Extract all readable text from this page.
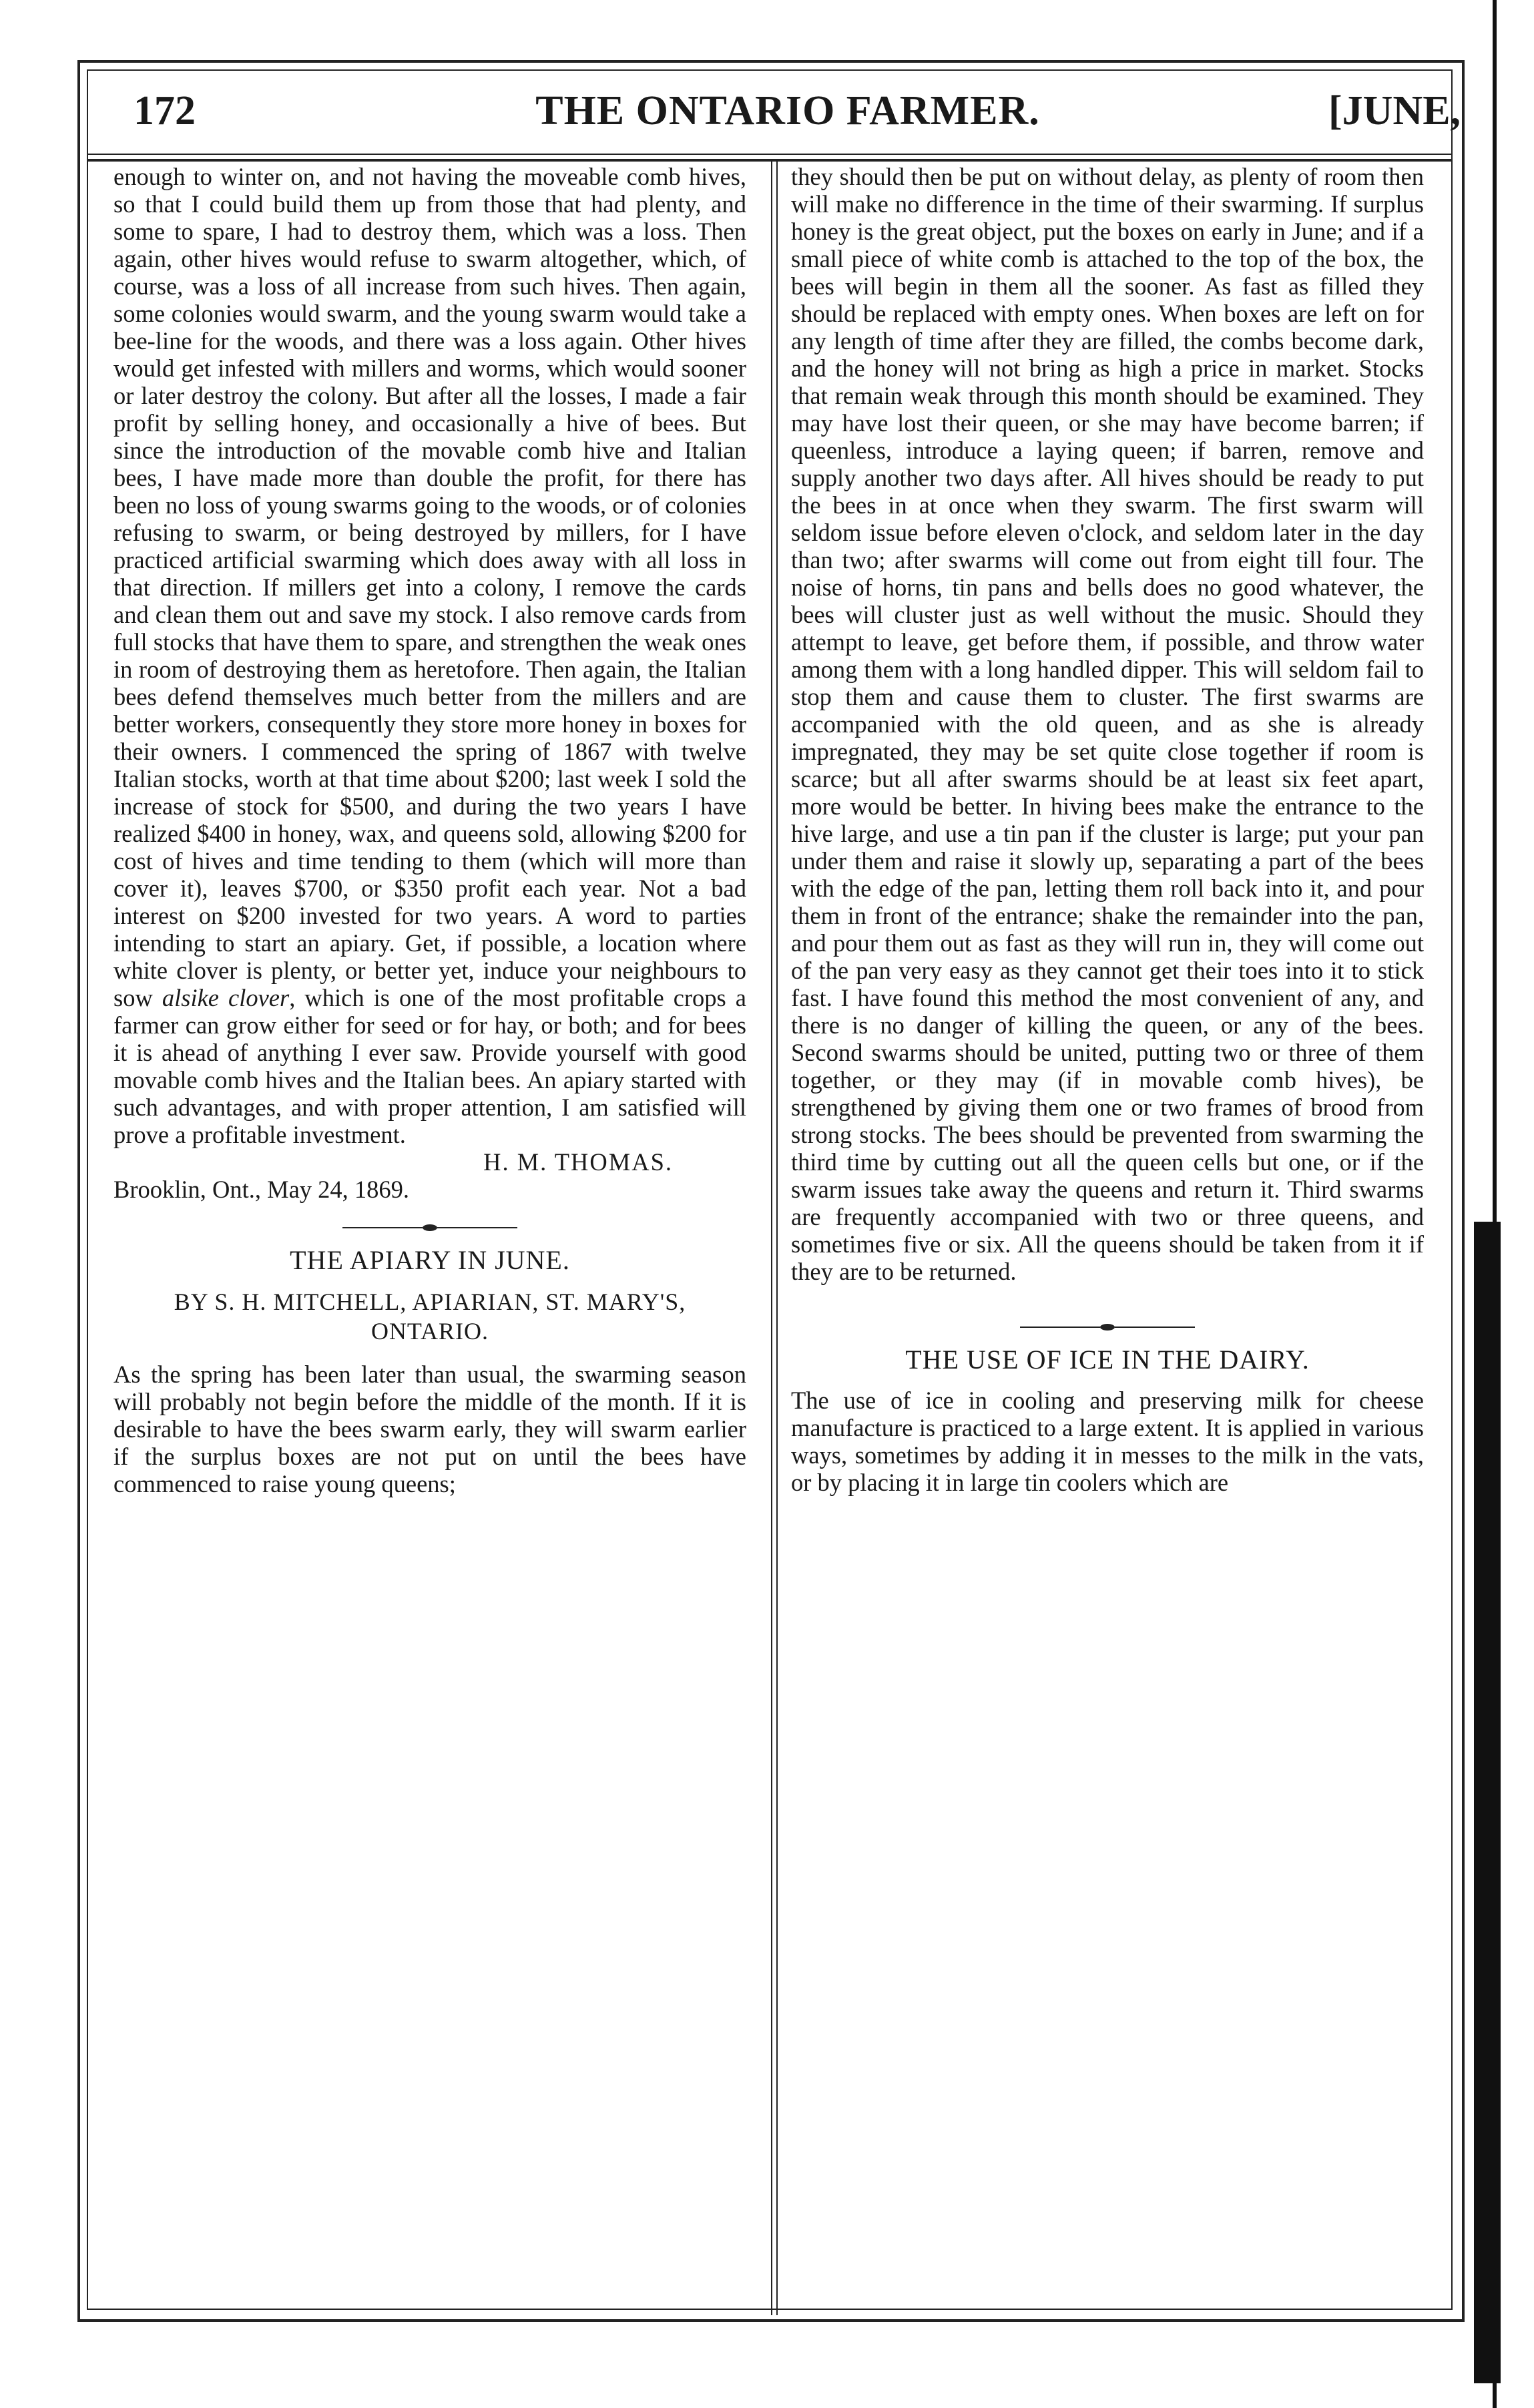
172	THE ONTARIO FARMER.	[JUNE,

enough to winter on, and not having the moveable comb hives, so that I could build them up from those that had plenty, and some to spare, I had to destroy them, which was a loss. Then again, other hives would refuse to swarm altogether, which, of course, was a loss of all increase from such hives. Then again, some colonies would swarm, and the young swarm would take a bee-line for the woods, and there was a loss again. Other hives would get infested with millers and worms, which would sooner or later destroy the colony. But after all the losses, I made a fair profit by selling honey, and occasionally a hive of bees. But since the introduction of the movable comb hive and Italian bees, I have made more than double the profit, for there has been no loss of young swarms going to the woods, or of colonies refusing to swarm, or being destroyed by millers, for I have practiced artificial swarming which does away with all loss in that direction. If millers get into a colony, I remove the cards and clean them out and save my stock. I also remove cards from full stocks that have them to spare, and strengthen the weak ones in room of destroying them as heretofore. Then again, the Italian bees defend themselves much better from the millers and are better workers, consequently they store more honey in boxes for their owners. I commenced the spring of 1867 with twelve Italian stocks, worth at that time about $200; last week I sold the increase of stock for $500, and during the two years I have realized $400 in honey, wax, and queens sold, allowing $200 for cost of hives and time tending to them (which will more than cover it), leaves $700, or $350 profit each year. Not a bad interest on $200 invested for two years. A word to parties intending to start an apiary. Get, if possible, a location where white clover is plenty, or better yet, induce your neighbours to sow alsike clover, which is one of the most profitable crops a farmer can grow either for seed or for hay, or both; and for bees it is ahead of anything I ever saw. Provide yourself with good movable comb hives and the Italian bees. An apiary started with such advantages, and with proper attention, I am satisfied will prove a profitable investment.

H. M. THOMAS.

Brooklin, Ont., May 24, 1869.

THE APIARY IN JUNE.
BY S. H. MITCHELL, APIARIAN, ST. MARY'S, ONTARIO.

As the spring has been later than usual, the swarming season will probably not begin before the middle of the month. If it is desirable to have the bees swarm early, they will swarm earlier if the surplus boxes are not put on until the bees have commenced to raise young queens;

they should then be put on without delay, as plenty of room then will make no difference in the time of their swarming. If surplus honey is the great object, put the boxes on early in June; and if a small piece of white comb is attached to the top of the box, the bees will begin in them all the sooner. As fast as filled they should be replaced with empty ones. When boxes are left on for any length of time after they are filled, the combs become dark, and the honey will not bring as high a price in market. Stocks that remain weak through this month should be examined. They may have lost their queen, or she may have become barren; if queenless, introduce a laying queen; if barren, remove and supply another two days after. All hives should be ready to put the bees in at once when they swarm. The first swarm will seldom issue before eleven o'clock, and seldom later in the day than two; after swarms will come out from eight till four. The noise of horns, tin pans and bells does no good whatever, the bees will cluster just as well without the music. Should they attempt to leave, get before them, if possible, and throw water among them with a long handled dipper. This will seldom fail to stop them and cause them to cluster. The first swarms are accompanied with the old queen, and as she is already impregnated, they may be set quite close together if room is scarce; but all after swarms should be at least six feet apart, more would be better. In hiving bees make the entrance to the hive large, and use a tin pan if the cluster is large; put your pan under them and raise it slowly up, separating a part of the bees with the edge of the pan, letting them roll back into it, and pour them in front of the entrance; shake the remainder into the pan, and pour them out as fast as they will run in, they will come out of the pan very easy as they cannot get their toes into it to stick fast. I have found this method the most convenient of any, and there is no danger of killing the queen, or any of the bees. Second swarms should be united, putting two or three of them together, or they may (if in movable comb hives), be strengthened by giving them one or two frames of brood from strong stocks. The bees should be prevented from swarming the third time by cutting out all the queen cells but one, or if the swarm issues take away the queens and return it. Third swarms are frequently accompanied with two or three queens, and sometimes five or six. All the queens should be taken from it if they are to be returned.

THE USE OF ICE IN THE DAIRY.

The use of ice in cooling and preserving milk for cheese manufacture is practiced to a large extent. It is applied in various ways, sometimes by adding it in messes to the milk in the vats, or by placing it in large tin coolers which are
